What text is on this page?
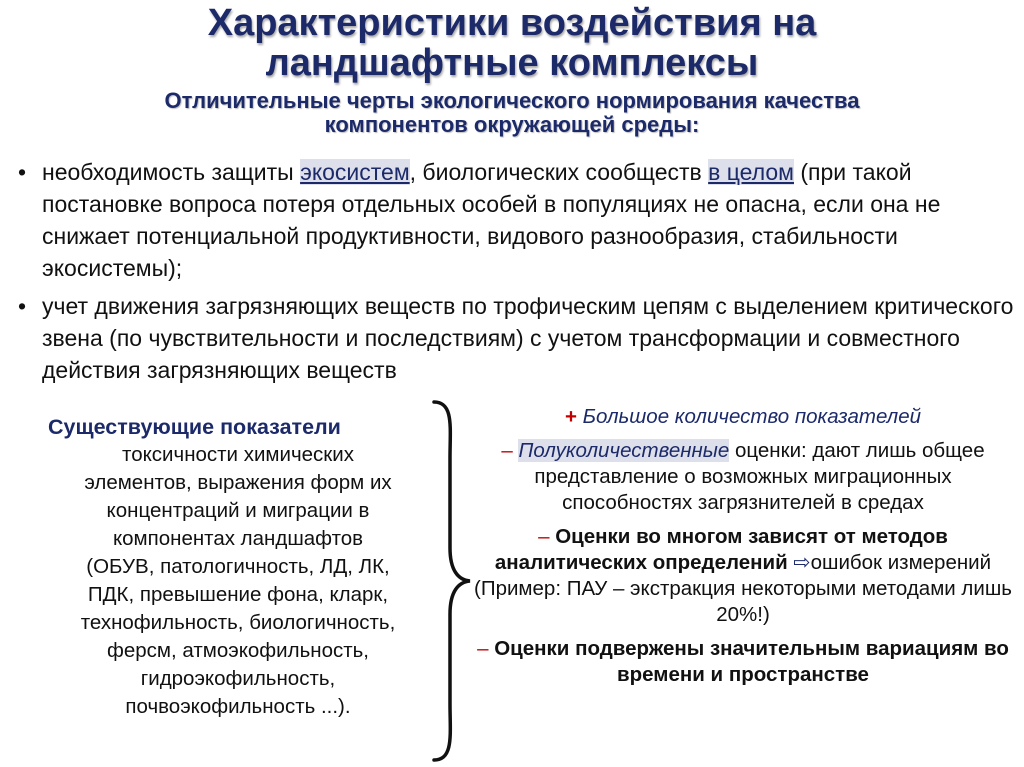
Характеристики воздействия на
ландшафтные комплексы
Отличительные черты экологического нормирования качества
компонентов окружающей среды:
• необходимость защиты экосистем, биологических сообществ в целом (при такой постановке вопроса потеря отдельных особей в популяциях не опасна, если она не снижает потенциальной продуктивности, видового разнообразия, стабильности экосистемы);
• учет движения загрязняющих веществ по трофическим цепям с выделением критического звена (по чувствительности и последствиям) с учетом трансформации и совместного действия загрязняющих веществ
Существующие показатели
токсичности химических
элементов, выражения форм их
концентраций и миграции в
компонентах ландшафтов
(ОБУВ, патологичность, ЛД, ЛК,
ПДК, превышение фона, кларк,
технофильность, биологичность,
ферсм, атмоэкофильность,
гидроэкофильность,
почвоэкофильность ...).
+ Большое количество показателей
– Полуколичественные оценки: дают лишь общее представление о возможных миграционных способностях загрязнителей в средах
– Оценки во многом зависят от методов аналитических определений ⇨ошибок измерений (Пример: ПАУ – экстракция некоторыми методами лишь 20%!)
– Оценки подвержены значительным вариациям во времени и пространстве
